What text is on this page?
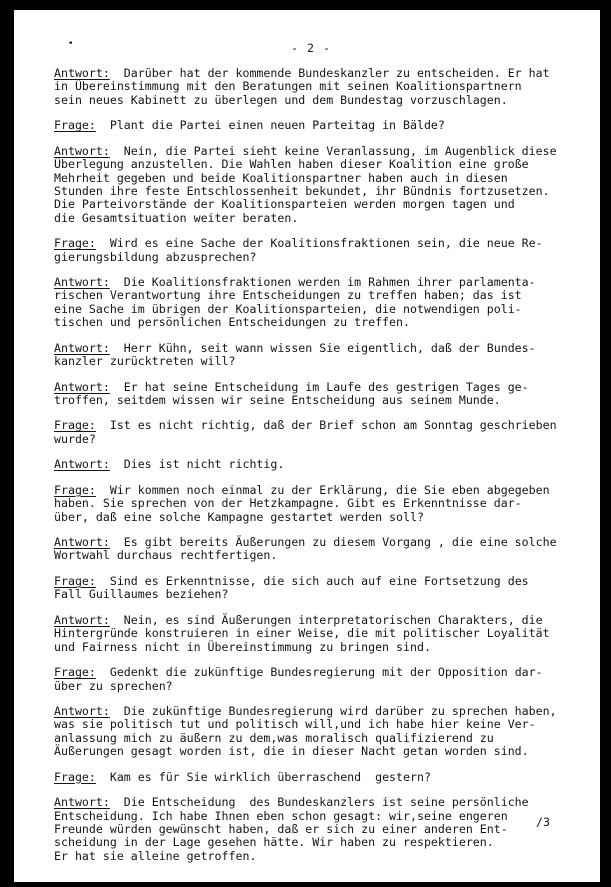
•	- 2 -
Antwort:  Darüber hat der kommende Bundeskanzler zu entscheiden. Er hat
in Übereinstimmung mit den Beratungen mit seinen Koalitionspartnern
sein neues Kabinett zu überlegen und dem Bundestag vorzuschlagen.
Frage:  Plant die Partei einen neuen Parteitag in Bälde?
Antwort:  Nein, die Partei sieht keine Veranlassung, im Augenblick diese
Überlegung anzustellen. Die Wahlen haben dieser Koalition eine große
Mehrheit gegeben und beide Koalitionspartner haben auch in diesen
Stunden ihre feste Entschlossenheit bekundet, ihr Bündnis fortzusetzen.
Die Parteivorstände der Koalitionsparteien werden morgen tagen und
die Gesamtsituation weiter beraten.
Frage:  Wird es eine Sache der Koalitionsfraktionen sein, die neue Re-
gierungsbildung abzusprechen?
Antwort:  Die Koalitionsfraktionen werden im Rahmen ihrer parlamenta-
rischen Verantwortung ihre Entscheidungen zu treffen haben; das ist
eine Sache im übrigen der Koalitionsparteien, die notwendigen poli-
tischen und persönlichen Entscheidungen zu treffen.
Antwort:  Herr Kühn, seit wann wissen Sie eigentlich, daß der Bundes-
kanzler zurücktreten will?
Antwort:  Er hat seine Entscheidung im Laufe des gestrigen Tages ge-
troffen, seitdem wissen wir seine Entscheidung aus seinem Munde.
Frage:  Ist es nicht richtig, daß der Brief schon am Sonntag geschrieben
wurde?
Antwort:  Dies ist nicht richtig.
Frage:  Wir kommen noch einmal zu der Erklärung, die Sie eben abgegeben
haben. Sie sprechen von der Hetzkampagne. Gibt es Erkenntnisse dar-
über, daß eine solche Kampagne gestartet werden soll?
Antwort:  Es gibt bereits Äußerungen zu diesem Vorgang , die eine solche
Wortwahl durchaus rechtfertigen.
Frage:  Sind es Erkenntnisse, die sich auch auf eine Fortsetzung des
Fall Guillaumes beziehen?
Antwort:  Nein, es sind Äußerungen interpretatorischen Charakters, die
Hintergründe konstruieren in einer Weise, die mit politischer Loyalität
und Fairness nicht in Übereinstimmung zu bringen sind.
Frage:  Gedenkt die zukünftige Bundesregierung mit der Opposition dar-
über zu sprechen?
Antwort:  Die zukünftige Bundesregierung wird darüber zu sprechen haben,
was sie politisch tut und politisch will,und ich habe hier keine Ver-
anlassung mich zu äußern zu dem,was moralisch qualifizierend zu
Äußerungen gesagt worden ist, die in dieser Nacht getan worden sind.
Frage:  Kam es für Sie wirklich überraschend  gestern?
Antwort:  Die Entscheidung  des Bundeskanzlers ist seine persönliche
Entscheidung. Ich habe Ihnen eben schon gesagt: wir,seine engeren
Freunde würden gewünscht haben, daß er sich zu einer anderen Ent-
scheidung in der Lage gesehen hätte. Wir haben zu respektieren.
Er hat sie alleine getroffen.
/3
